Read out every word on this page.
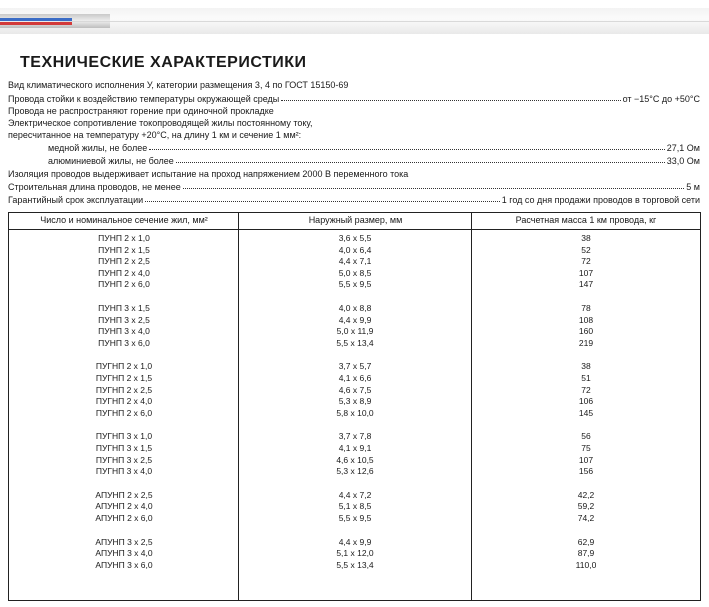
ТЕХНИЧЕСКИЕ ХАРАКТЕРИСТИКИ
Вид климатического исполнения У, категории размещения 3, 4 по ГОСТ 15150-69
Провода стойки к воздействию температуры окружающей среды	от −15°С до +50°С
Провода не распространяют горение при одиночной прокладке
Электрическое сопротивление токопроводящей жилы постоянному току,
пересчитанное на температуру +20°С, на длину 1 км и сечение 1 мм²:
медной жилы, не более	27,1 Ом
алюминиевой жилы, не более	33,0 Ом
Изоляция проводов выдерживает испытание на проход напряжением 2000 В переменного тока
Строительная длина проводов, не менее	5 м
Гарантийный срок эксплуатации	1 год со дня продажи проводов в торговой сети
Число и номинальное сечение жил, мм²	Наружный размер, мм	Расчетная масса 1 км провода, кг
ПУНП 2 x 1,0	3,6 x 5,5	38
ПУНП 2 x 1,5	4,0 x 6,4	52
ПУНП 2 x 2,5	4,4 x 7,1	72
ПУНП 2 x 4,0	5,0 x 8,5	107
ПУНП 2 x 6,0	5,5 x 9,5	147
ПУНП 3 x 1,5	4,0 x 8,8	78
ПУНП 3 x 2,5	4,4 x 9,9	108
ПУНП 3 x 4,0	5,0 x 11,9	160
ПУНП 3 x 6,0	5,5 x 13,4	219
ПУГНП 2 x 1,0	3,7 x 5,7	38
ПУГНП 2 x 1,5	4,1 x 6,6	51
ПУГНП 2 x 2,5	4,6 x 7,5	72
ПУГНП 2 x 4,0	5,3 x 8,9	106
ПУГНП 2 x 6,0	5,8 x 10,0	145
ПУГНП 3 x 1,0	3,7 x 7,8	56
ПУГНП 3 x 1,5	4,1 x 9,1	75
ПУГНП 3 x 2,5	4,6 x 10,5	107
ПУГНП 3 x 4,0	5,3 x 12,6	156
АПУНП 2 x 2,5	4,4 x 7,2	42,2
АПУНП 2 x 4,0	5,1 x 8,5	59,2
АПУНП 2 x 6,0	5,5 x 9,5	74,2
АПУНП 3 x 2,5	4,4 x 9,9	62,9
АПУНП 3 x 4,0	5,1 x 12,0	87,9
АПУНП 3 x 6,0	5,5 x 13,4	110,0
